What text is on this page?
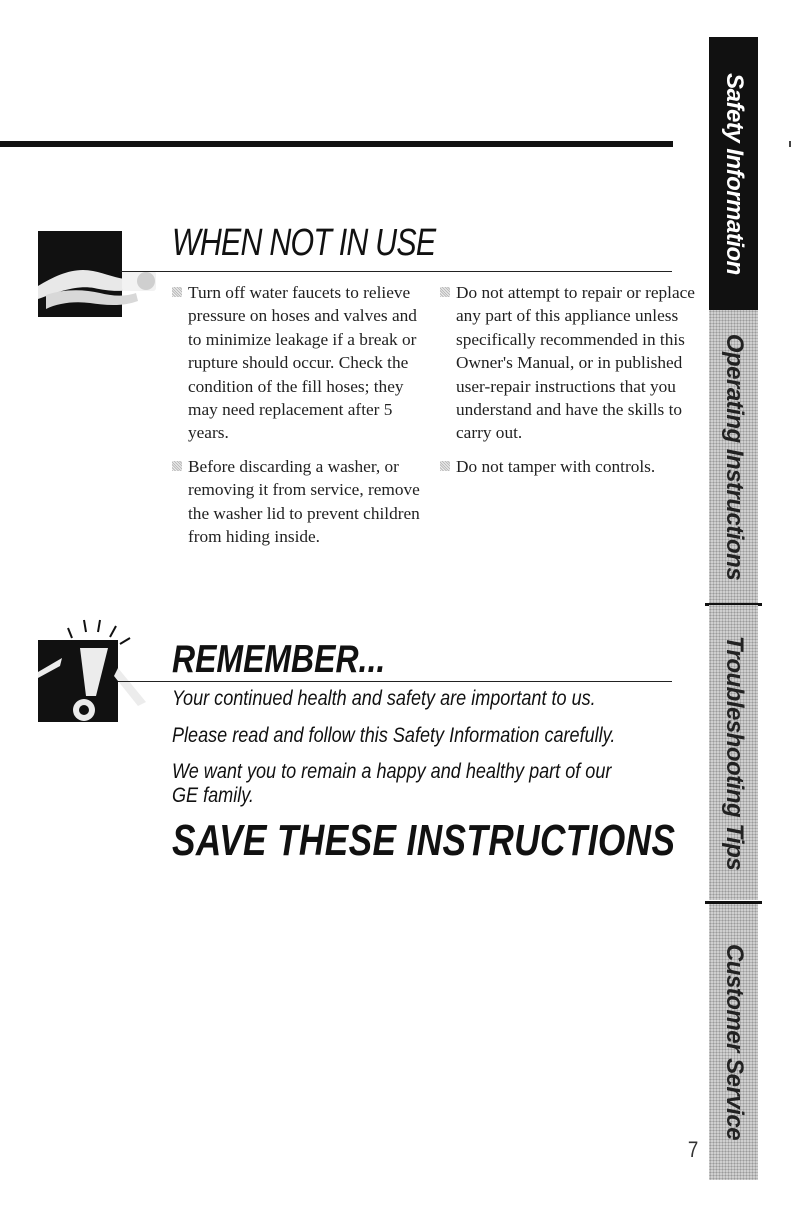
WHEN NOT IN USE
Turn off water faucets to relieve pressure on hoses and valves and to minimize leakage if a break or rupture should occur. Check the condition of the fill hoses; they may need replacement after 5 years.
Before discarding a washer, or removing it from service, remove the washer lid to prevent children from hiding inside.
Do not attempt to repair or replace any part of this appliance unless specifically recommended in this Owner's Manual, or in published user-repair instructions that you understand and have the skills to carry out.
Do not tamper with controls.
REMEMBER...

Your continued health and safety are important to us.

Please read and follow this Safety Information carefully.

We want you to remain a happy and healthy part of our

GE family.

SAVE THESE INSTRUCTIONS
Safety Information
Operating Instructions
Troubleshooting Tips
Customer Service
7
